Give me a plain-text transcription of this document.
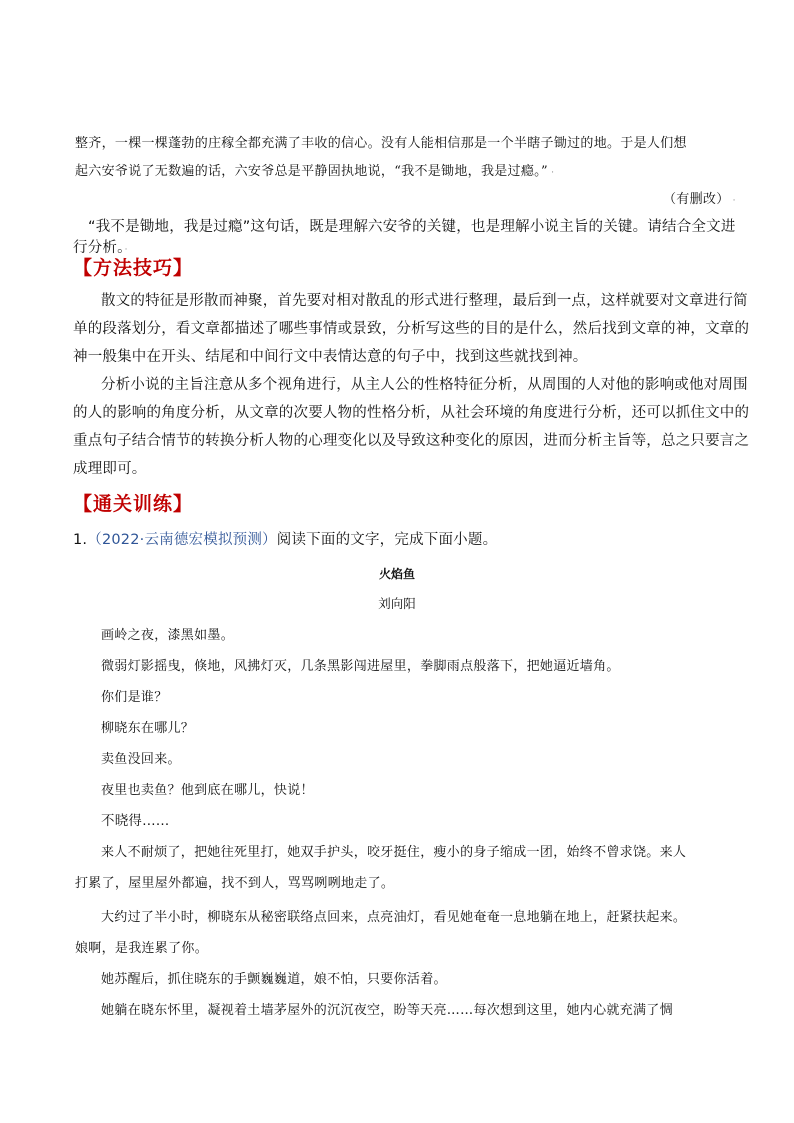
整齐，一棵一棵蓬勃的庄稼全都充满了丰收的信心。没有人能相信那是一个半瞎子锄过的地。于是人们想
起六安爷说了无数遍的话，六安爷总是平静固执地说，“我不是锄地，我是过瘾。” ·
（有删改） ·
“我不是锄地，我是过瘾”这句话，既是理解六安爷的关键，也是理解小说主旨的关键。请结合全文进
行分析。·
【方法技巧】
散文的特征是形散而神聚，首先要对相对散乱的形式进行整理，最后到一点，这样就要对文章进行简
单的段落划分，看文章都描述了哪些事情或景致，分析写这些的目的是什么，然后找到文章的神，文章的
神一般集中在开头、结尾和中间行文中表情达意的句子中，找到这些就找到神。
分析小说的主旨注意从多个视角进行，从主人公的性格特征分析，从周围的人对他的影响或他对周围
的人的影响的角度分析，从文章的次要人物的性格分析，从社会环境的角度进行分析，还可以抓住文中的
重点句子结合情节的转换分析人物的心理变化以及导致这种变化的原因，进而分析主旨等，总之只要言之
成理即可。
【通关训练】
1.（2022·云南德宏模拟预测）阅读下面的文字，完成下面小题。
火焰鱼
刘向阳
画岭之夜，漆黑如墨。
微弱灯影摇曳，倏地，风拂灯灭，几条黑影闯进屋里，拳脚雨点般落下，把她逼近墙角。
你们是谁？
柳晓东在哪儿？
卖鱼没回来。
夜里也卖鱼？他到底在哪儿，快说！
不晓得……
来人不耐烦了，把她往死里打，她双手护头，咬牙挺住，瘦小的身子缩成一团，始终不曾求饶。来人
打累了，屋里屋外都遍，找不到人，骂骂咧咧地走了。
大约过了半小时，柳晓东从秘密联络点回来，点亮油灯，看见她奄奄一息地躺在地上，赶紧扶起来。
娘啊，是我连累了你。
她苏醒后，抓住晓东的手颤巍巍道，娘不怕，只要你活着。
她躺在晓东怀里，凝视着土墙茅屋外的沉沉夜空，盼等天亮……每次想到这里，她内心就充满了惆
